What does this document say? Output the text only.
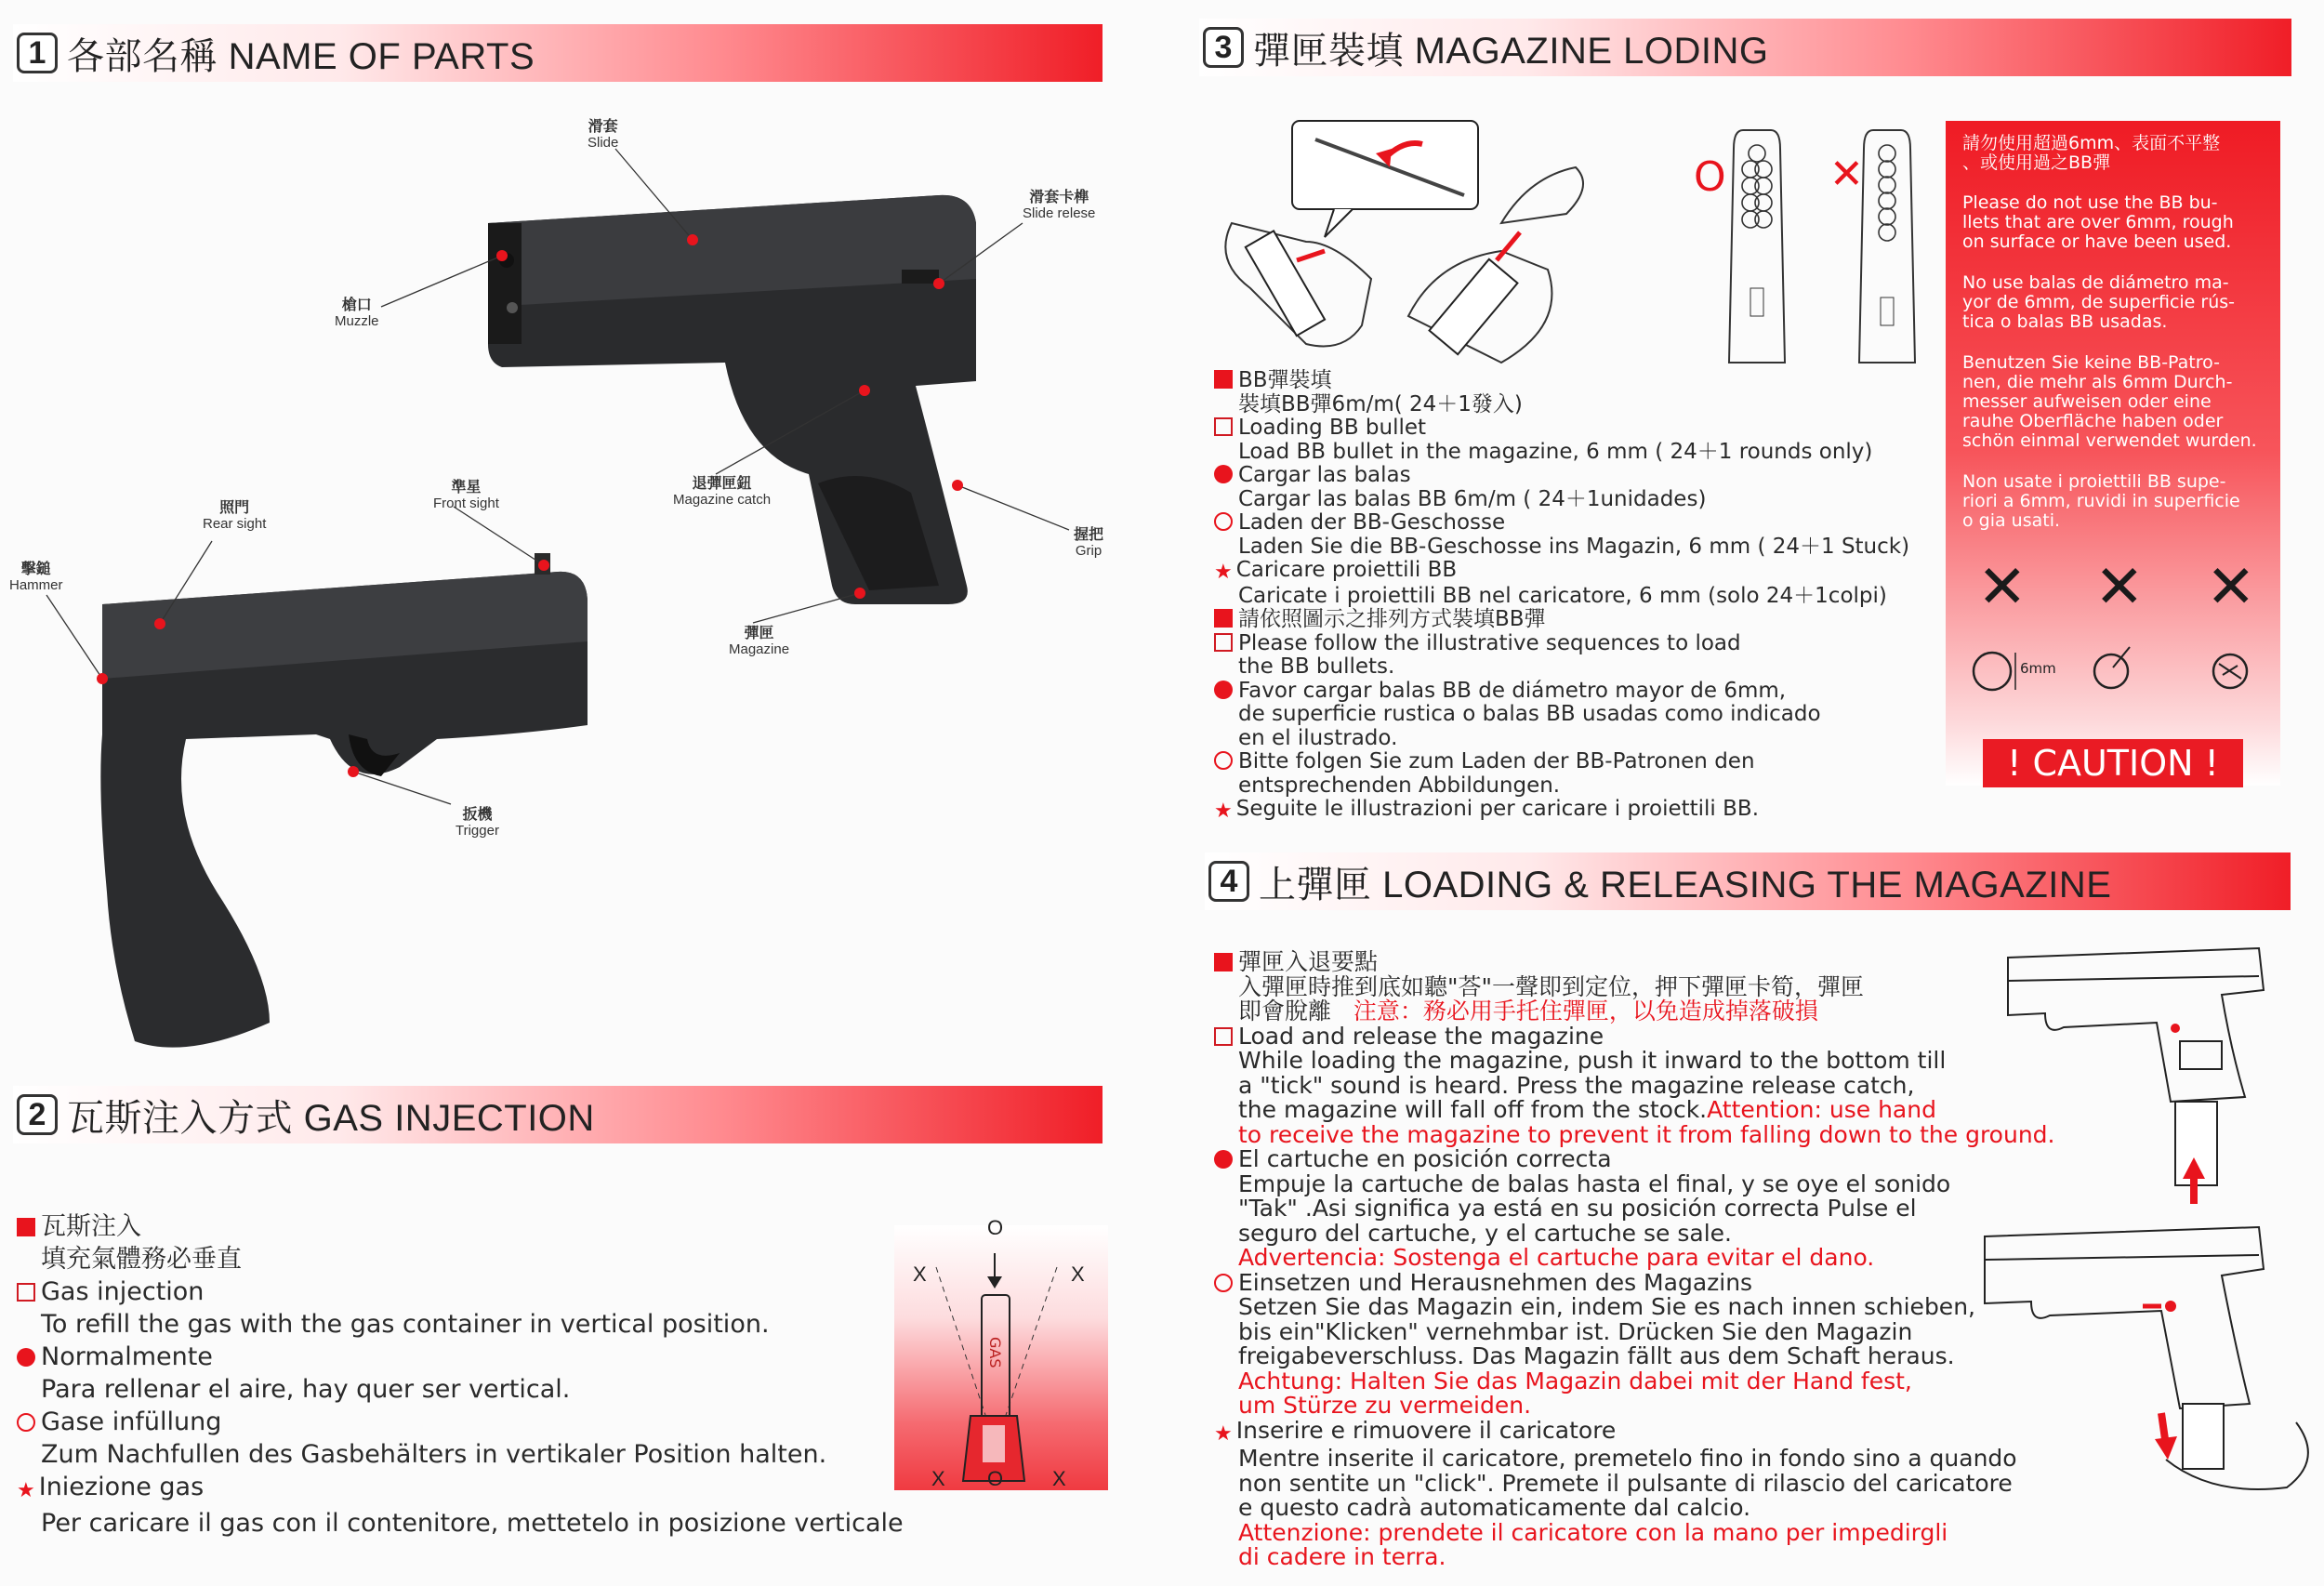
1 各部名稱 NAME OF PARTS
滑套
Slide
滑套卡榫
Slide relese
槍口
Muzzle
照門
Rear sight
準星
Front sight
退彈匣鈕
Magazine catch
握把
Grip
擊鎚
Hammer
彈匣
Magazine
扳機
Trigger
2 瓦斯注入方式 GAS INJECTION
瓦斯注入
填充氣體務必垂直
Gas injection
To refill the gas with the gas container in vertical position.
Normalmente
Para rellenar el aire, hay quer ser vertical.
Gase infüllung
Zum Nachfullen des Gasbehälters in vertikaler Position halten.
★ Iniezione gas
Per caricare il gas con il contenitore, mettetelo in posizione verticale
GAS
O
X	X
O
X	X
3 彈匣裝填 MAGAZINE LODING
O	✕
BB彈裝填
裝填BB彈6m/m( 24＋1發入)
Loading BB bullet
Load BB bullet in the magazine, 6 mm ( 24＋1 rounds only)
Cargar las balas
Cargar las balas BB 6m/m ( 24＋1unidades)
Laden der BB-Geschosse
Laden Sie die BB-Geschosse ins Magazin, 6 mm ( 24＋1 Stuck)
★ Caricare proiettili BB
Caricate i proiettili BB nel caricatore, 6 mm (solo 24＋1colpi)
請依照圖示之排列方式裝填BB彈
Please follow the illustrative sequences to load
the BB bullets.
Favor cargar balas BB de diámetro mayor de 6mm,
de superficie rustica o balas BB usadas como indicado
en el ilustrado.
Bitte folgen Sie zum Laden der BB-Patronen den
entsprechenden Abbildungen.
★ Seguite le illustrazioni per caricare i proiettili BB.
請勿使用超過6mm、表面不平整
、或使用過之BB彈
Please do not use the BB bu-
llets that are over 6mm, rough
on surface or have been used.
No use balas de diámetro ma-
yor de 6mm, de superficie rús-
tica o balas BB usadas.
Benutzen Sie keine BB-Patro-
nen, die mehr als 6mm Durch-
messer aufweisen oder eine
rauhe Oberfläche haben oder
schön einmal verwendet wurden.
Non usate i proiettili BB supe-
riori a 6mm, ruvidi in superficie
o gia usati.
✕ ✕ ✕
6mm
! CAUTION !
4 上彈匣 LOADING & RELEASING THE MAGAZINE
彈匣入退要點
入彈匣時推到底如聽"荅"一聲即到定位，押下彈匣卡筍，彈匣
即會脫離 注意：務必用手托住彈匣，以免造成掉落破損
Load and release the magazine
While loading the magazine, push it inward to the bottom till
a "tick" sound is heard. Press the magazine release catch,
the magazine will fall off from the stock.Attention: use hand
to receive the magazine to prevent it from falling down to the ground.
El cartuche en posición correcta
Empuje la cartuche de balas hasta el final, y se oye el sonido
"Tak" .Asi significa ya está en su posición correcta Pulse el
seguro del cartuche, y el cartuche se sale.
Advertencia: Sostenga el cartuche para evitar el dano.
Einsetzen und Herausnehmen des Magazins
Setzen Sie das Magazin ein, indem Sie es nach innen schieben,
bis ein"Klicken" vernehmbar ist. Drücken Sie den Magazin
freigabeverschluss. Das Magazin fällt aus dem Schaft heraus.
Achtung: Halten Sie das Magazin dabei mit der Hand fest,
um Stürze zu vermeiden.
★ Inserire e rimuovere il caricatore
Mentre inserite il caricatore, premetelo fino in fondo sino a quando
non sentite un "click". Premete il pulsante di rilascio del caricatore
e questo cadrà automaticamente dal calcio.
Attenzione: prendete il caricatore con la mano per impedirgli
di cadere in terra.
